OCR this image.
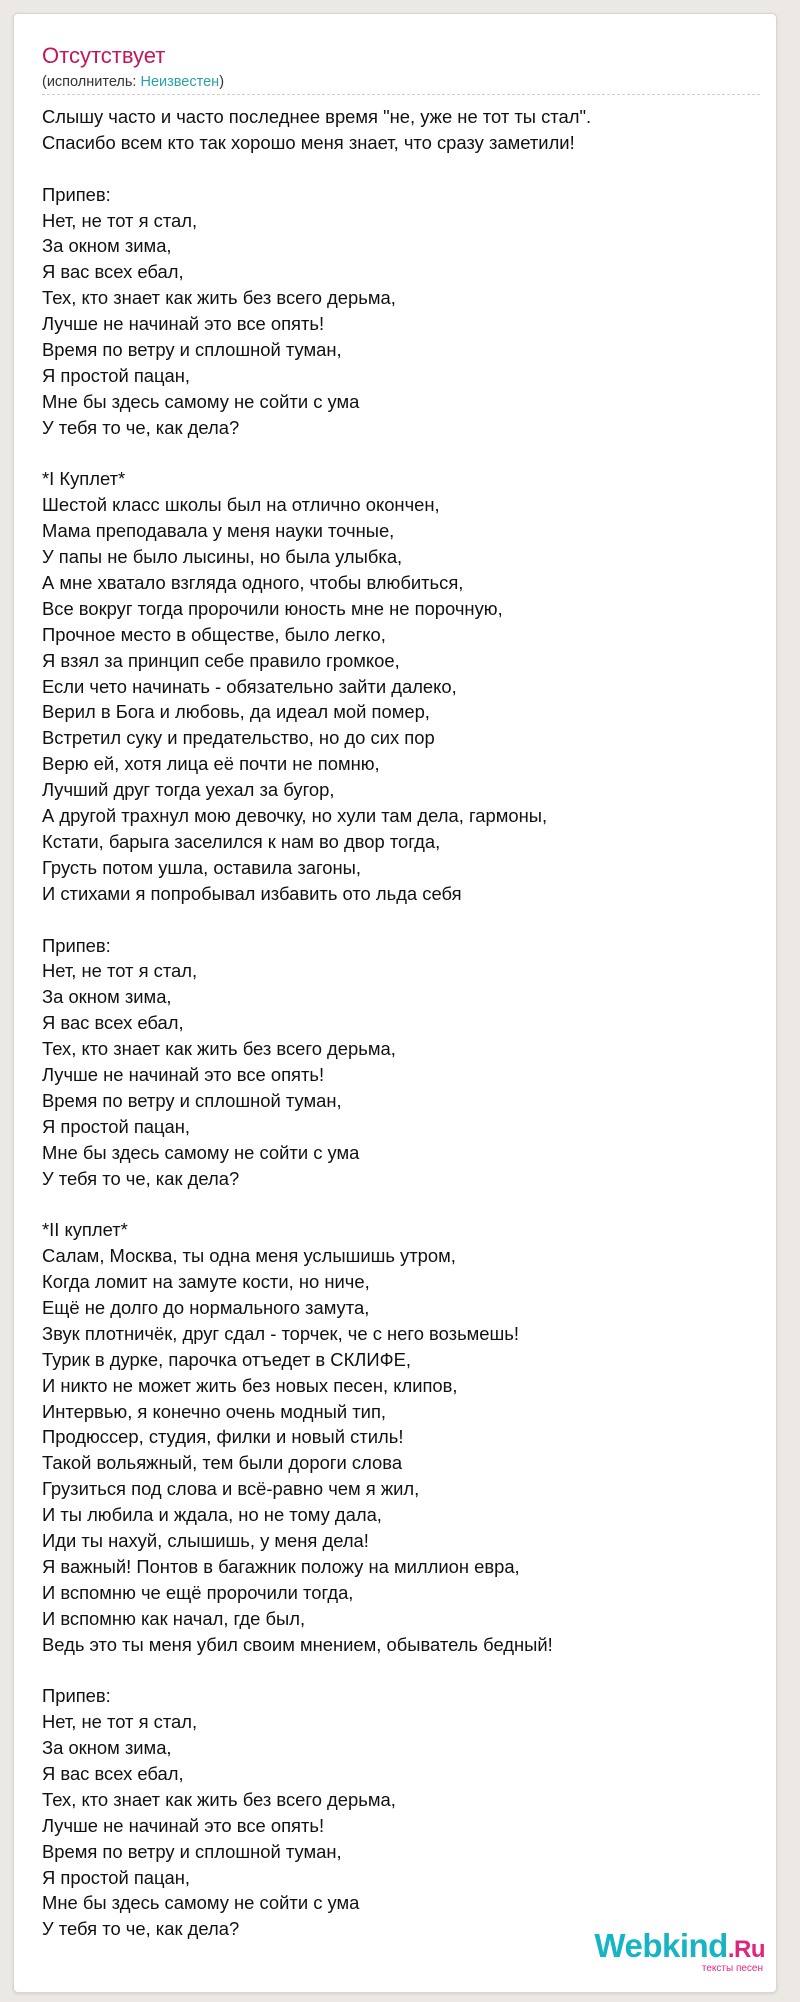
Отсутствует
(исполнитель: Неизвестен)
Слышу часто и часто последнее время "не, уже не тот ты стал".
Спасибо всем кто так хорошо меня знает, что сразу заметили!
Припев:
Нет, не тот я стал,
За окном зима,
Я вас всех ебал,
Тех, кто знает как жить без всего дерьма,
Лучше не начинай это все опять!
Время по ветру и сплошной туман,
Я простой пацан,
Мне бы здесь самому не сойти с ума
У тебя то че, как дела?
*I Куплет*
Шестой класс школы был на отлично окончен,
Мама преподавала у меня науки точные,
У папы не было лысины, но была улыбка,
А мне хватало взгляда одного, чтобы влюбиться,
Все вокруг тогда пророчили юность мне не порочную,
Прочное место в обществе, было легко,
Я взял за принцип себе правило громкое,
Если чето начинать - обязательно зайти далеко,
Верил в Бога и любовь, да идеал мой помер,
Встретил суку и предательство, но до сих пор
Верю ей, хотя лица её почти не помню,
Лучший друг тогда уехал за бугор,
А другой трахнул мою девочку, но хули там дела, гармоны,
Кстати, барыга заселился к нам во двор тогда,
Грусть потом ушла, оставила загоны,
И стихами я попробывал избавить ото льда себя
Припев:
Нет, не тот я стал,
За окном зима,
Я вас всех ебал,
Тех, кто знает как жить без всего дерьма,
Лучше не начинай это все опять!
Время по ветру и сплошной туман,
Я простой пацан,
Мне бы здесь самому не сойти с ума
У тебя то че, как дела?
*II куплет*
Салам, Москва, ты одна меня услышишь утром,
Когда ломит на замуте кости, но ниче,
Ещё не долго до нормального замута,
Звук плотничёк, друг сдал - торчек, че с него возьмешь!
Турик в дурке, парочка отъедет в СКЛИФЕ,
И никто не может жить без новых песен, клипов,
Интервью, я конечно очень модный тип,
Продюссер, студия, филки и новый стиль!
Такой вольяжный, тем были дороги слова
Грузиться под слова и всё-равно чем я жил,
И ты любила и ждала, но не тому дала,
Иди ты нахуй, слышишь, у меня дела!
Я важный! Понтов в багажник положу на миллион евра,
И вспомню че ещё пророчили тогда,
И вспомню как начал, где был,
Ведь это ты меня убил своим мнением, обыватель бедный!
Припев:
Нет, не тот я стал,
За окном зима,
Я вас всех ебал,
Тех, кто знает как жить без всего дерьма,
Лучше не начинай это все опять!
Время по ветру и сплошной туман,
Я простой пацан,
Мне бы здесь самому не сойти с ума
У тебя то че, как дела?	Webkind.Ru
тексты песен
